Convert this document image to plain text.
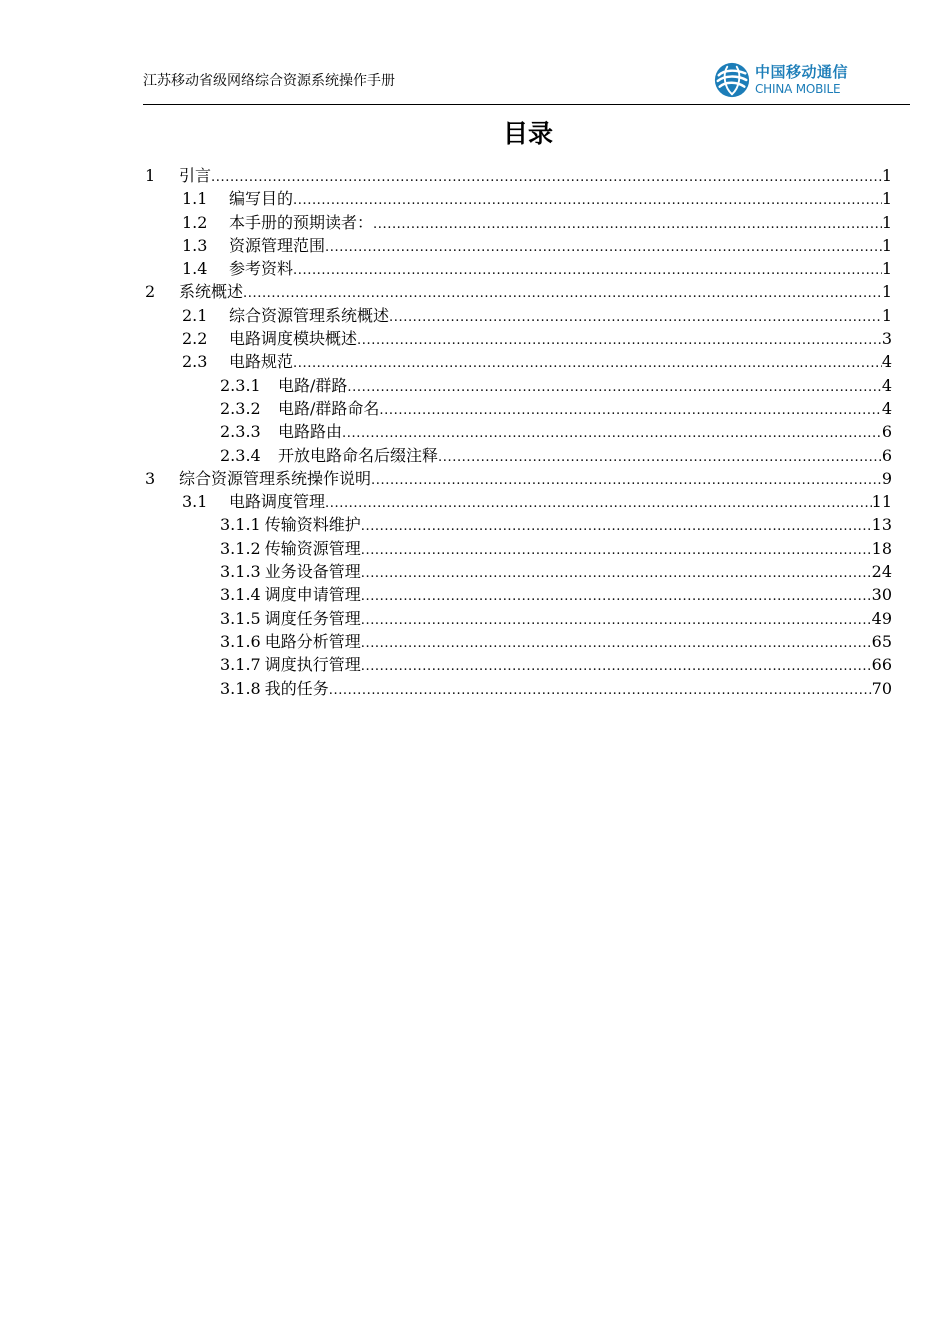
江苏移动省级网络综合资源系统操作手册	中国移动通信
CHINA MOBILE
目录
1	引言 .....	1
1.1	编写目的 .....	1
1.2	本手册的预期读者： .....	1
1.3	资源管理范围 .....	1
1.4	参考资料 .....	1
2	系统概述 .....	1
2.1	综合资源管理系统概述 .....	1
2.2	电路调度模块概述 .....	3
2.3	电路规范 .....	4
2.3.1	电路/群路 .....	4
2.3.2	电路/群路命名 .....	4
2.3.3	电路路由 .....	6
2.3.4	开放电路命名后缀注释 .....	6
3	综合资源管理系统操作说明 .....	9
3.1	电路调度管理 .....	11
3.1.1 传输资料维护 .....	13
3.1.2 传输资源管理 .....	18
3.1.3 业务设备管理 .....	24
3.1.4 调度申请管理 .....	30
3.1.5 调度任务管理 .....	49
3.1.6 电路分析管理 .....	65
3.1.7 调度执行管理 .....	66
3.1.8 我的任务 .....	70
